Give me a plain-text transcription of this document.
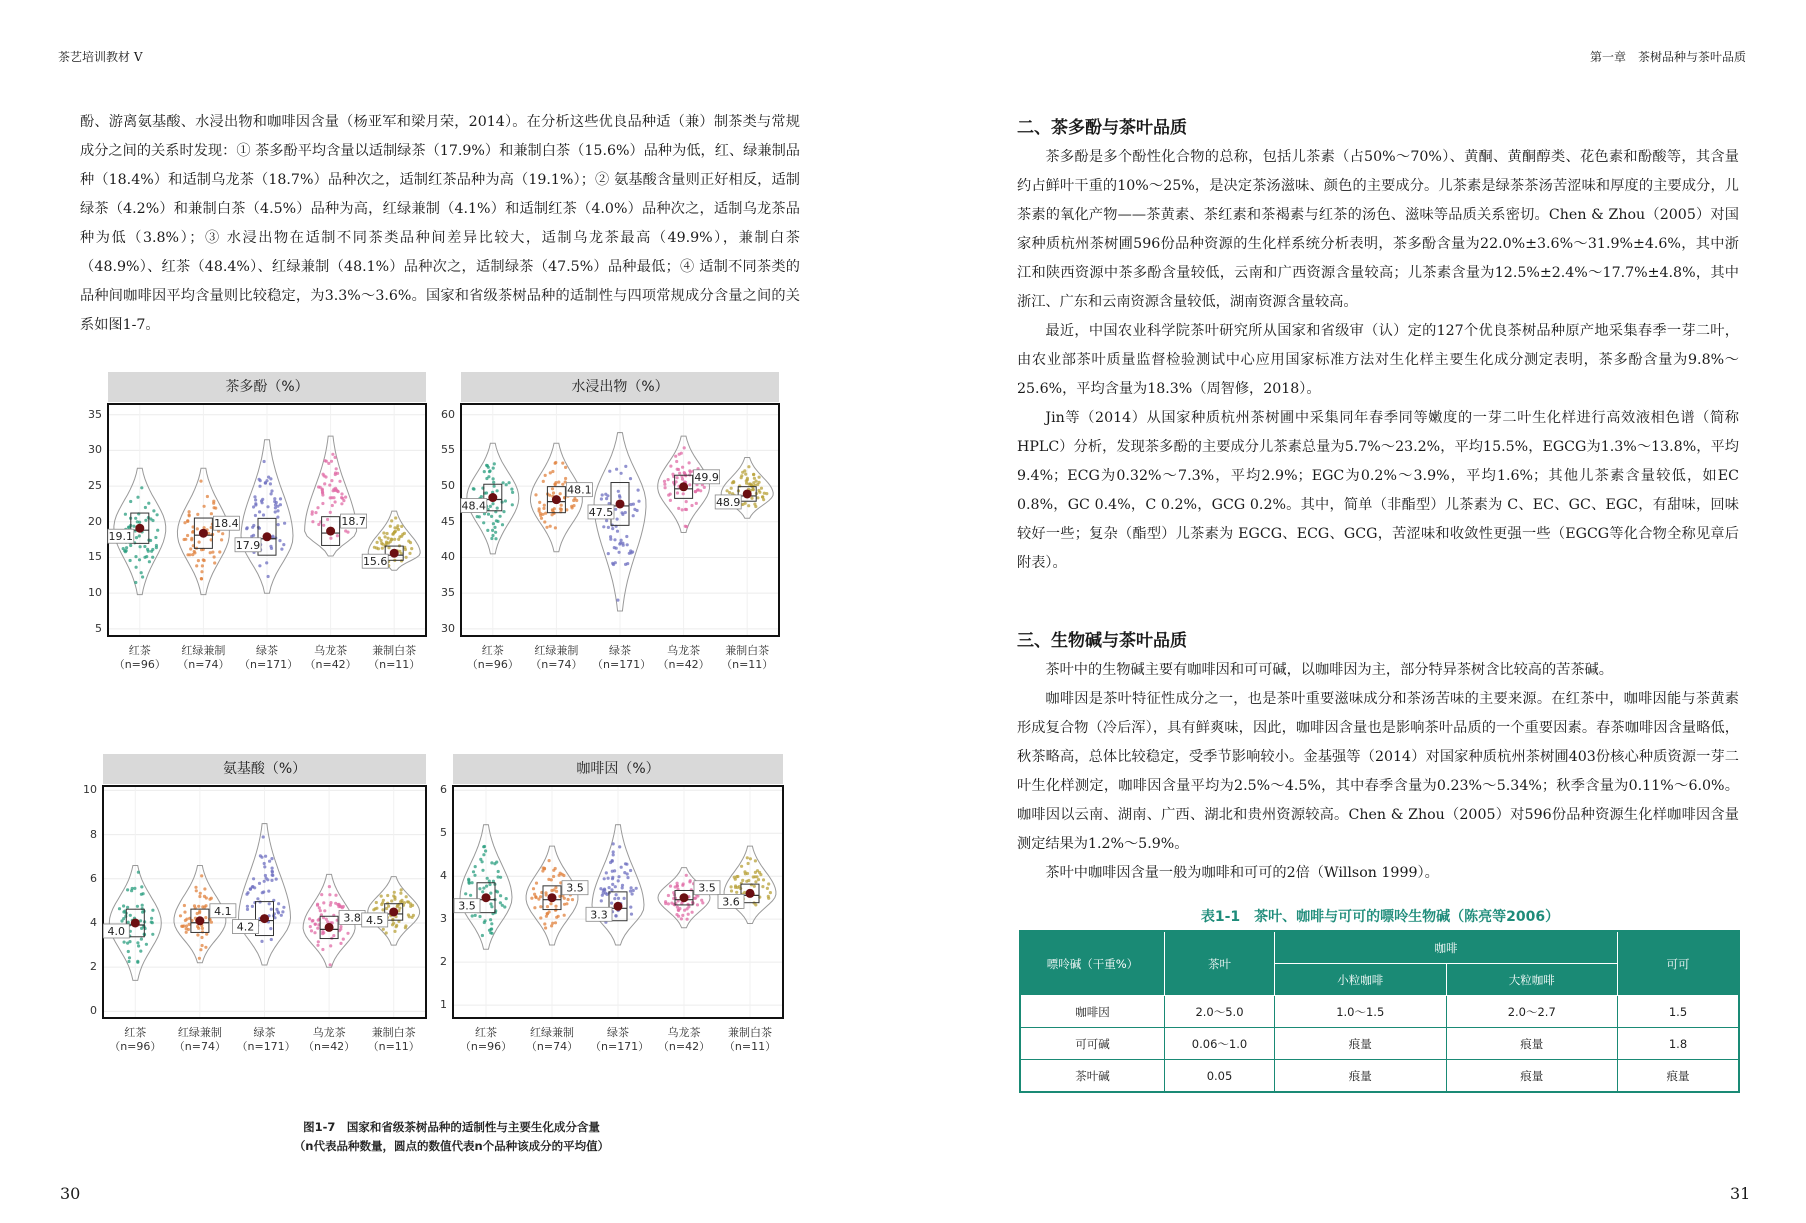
茶艺培训教材 Ⅴ

酚、游离氨基酸、水浸出物和咖啡因含量（杨亚军和梁月荣，2014）。在分析这些优良品种适（兼）制茶类与常规成分之间的关系时发现：① 茶多酚平均含量以适制绿茶（17.9%）和兼制白茶（15.6%）品种为低，红、绿兼制品种（18.4%）和适制乌龙茶（18.7%）品种次之，适制红茶品种为高（19.1%）；② 氨基酸含量则正好相反，适制绿茶（4.2%）和兼制白茶（4.5%）品种为高，红绿兼制（4.1%）和适制红茶（4.0%）品种次之，适制乌龙茶品种为低（3.8%）；③ 水浸出物在适制不同茶类品种间差异比较大，适制乌龙茶最高（49.9%），兼制白茶（48.9%）、红茶（48.4%）、红绿兼制（48.1%）品种次之，适制绿茶（47.5%）品种最低；④ 适制不同茶类的品种间咖啡因平均含量则比较稳定，为3.3%～3.6%。国家和省级茶树品种的适制性与四项常规成分含量之间的关系如图1-7。

茶多酚（%）
19.1
18.4
17.9
18.7
15.6
5
10
15
20
25
30
35
红茶
（n=96）
红绿兼制
（n=74）
绿茶
（n=171）
乌龙茶
（n=42）
兼制白茶
（n=11）
水浸出物（%）
48.4
48.1
47.5
49.9
48.9
30
35
40
45
50
55
60
红茶
（n=96）
红绿兼制
（n=74）
绿茶
（n=171）
乌龙茶
（n=42）
兼制白茶
（n=11）
氨基酸（%）
4.0
4.1
4.2
3.8 4.5
0
2
4
6
8
10
红茶
（n=96）
红绿兼制
（n=74）
绿茶
（n=171）
乌龙茶
（n=42）
兼制白茶
（n=11）
咖啡因（%）
3.5
3.5
3.3
3.5
3.6
1
2
3
4
5
6
红茶
（n=96）
红绿兼制
（n=74）
绿茶
（n=171）
乌龙茶
（n=42）
兼制白茶
（n=11）
图1-7　国家和省级茶树品种的适制性与主要生化成分含量
（n代表品种数量，圆点的数值代表n个品种该成分的平均值）
30
第一章　茶树品种与茶叶品质
二、茶多酚与茶叶品质

茶多酚是多个酚性化合物的总称，包括儿茶素（占50%～70%）、黄酮、黄酮醇类、花色素和酚酸等，其含量约占鲜叶干重的10%～25%，是决定茶汤滋味、颜色的主要成分。儿茶素是绿茶茶汤苦涩味和厚度的主要成分，儿茶素的氧化产物——茶黄素、茶红素和茶褐素与红茶的汤色、滋味等品质关系密切。Chen & Zhou（2005）对国家种质杭州茶树圃596份品种资源的生化样系统分析表明，茶多酚含量为22.0%±3.6%～31.9%±4.6%，其中浙江和陕西资源中茶多酚含量较低，云南和广西资源含量较高；儿茶素含量为12.5%±2.4%～17.7%±4.8%，其中浙江、广东和云南资源含量较低，湖南资源含量较高。

最近，中国农业科学院茶叶研究所从国家和省级审（认）定的127个优良茶树品种原产地采集春季一芽二叶，由农业部茶叶质量监督检验测试中心应用国家标准方法对生化样主要生化成分测定表明，茶多酚含量为9.8%～25.6%，平均含量为18.3%（周智修，2018）。

Jin等（2014）从国家种质杭州茶树圃中采集同年春季同等嫩度的一芽二叶生化样进行高效液相色谱（简称HPLC）分析，发现茶多酚的主要成分儿茶素总量为5.7%～23.2%，平均15.5%，EGCG为1.3%～13.8%，平均9.4%；ECG为0.32%～7.3%，平均2.9%；EGC为0.2%～3.9%，平均1.6%；其他儿茶素含量较低，如EC 0.8%，GC 0.4%，C 0.2%，GCG 0.2%。其中，简单（非酯型）儿茶素为 C、EC、GC、EGC，有甜味，回味较好一些；复杂（酯型）儿茶素为 EGCG、ECG、GCG，苦涩味和收敛性更强一些（EGCG等化合物全称见章后附表）。

三、生物碱与茶叶品质

茶叶中的生物碱主要有咖啡因和可可碱，以咖啡因为主，部分特异茶树含比较高的苦茶碱。

咖啡因是茶叶特征性成分之一，也是茶叶重要滋味成分和茶汤苦味的主要来源。在红茶中，咖啡因能与茶黄素形成复合物（冷后浑），具有鲜爽味，因此，咖啡因含量也是影响茶叶品质的一个重要因素。春茶咖啡因含量略低，秋茶略高，总体比较稳定，受季节影响较小。金基强等（2014）对国家种质杭州茶树圃403份核心种质资源一芽二叶生化样测定，咖啡因含量平均为2.5%～4.5%，其中春季含量为0.23%～5.34%；秋季含量为0.11%～6.0%。咖啡因以云南、湖南、广西、湖北和贵州资源较高。Chen & Zhou（2005）对596份品种资源生化样咖啡因含量测定结果为1.2%～5.9%。

茶叶中咖啡因含量一般为咖啡和可可的2倍（Willson 1999）。

表1-1　茶叶、咖啡与可可的嘌呤生物碱（陈亮等2006）
嘌呤碱（干重%）	茶叶	咖啡		可可
		小粒咖啡	大粒咖啡	
咖啡因	2.0～5.0	1.0～1.5	2.0～2.7	1.5
可可碱	0.06～1.0	痕量	痕量	1.8
茶叶碱	0.05	痕量	痕量	痕量
31
